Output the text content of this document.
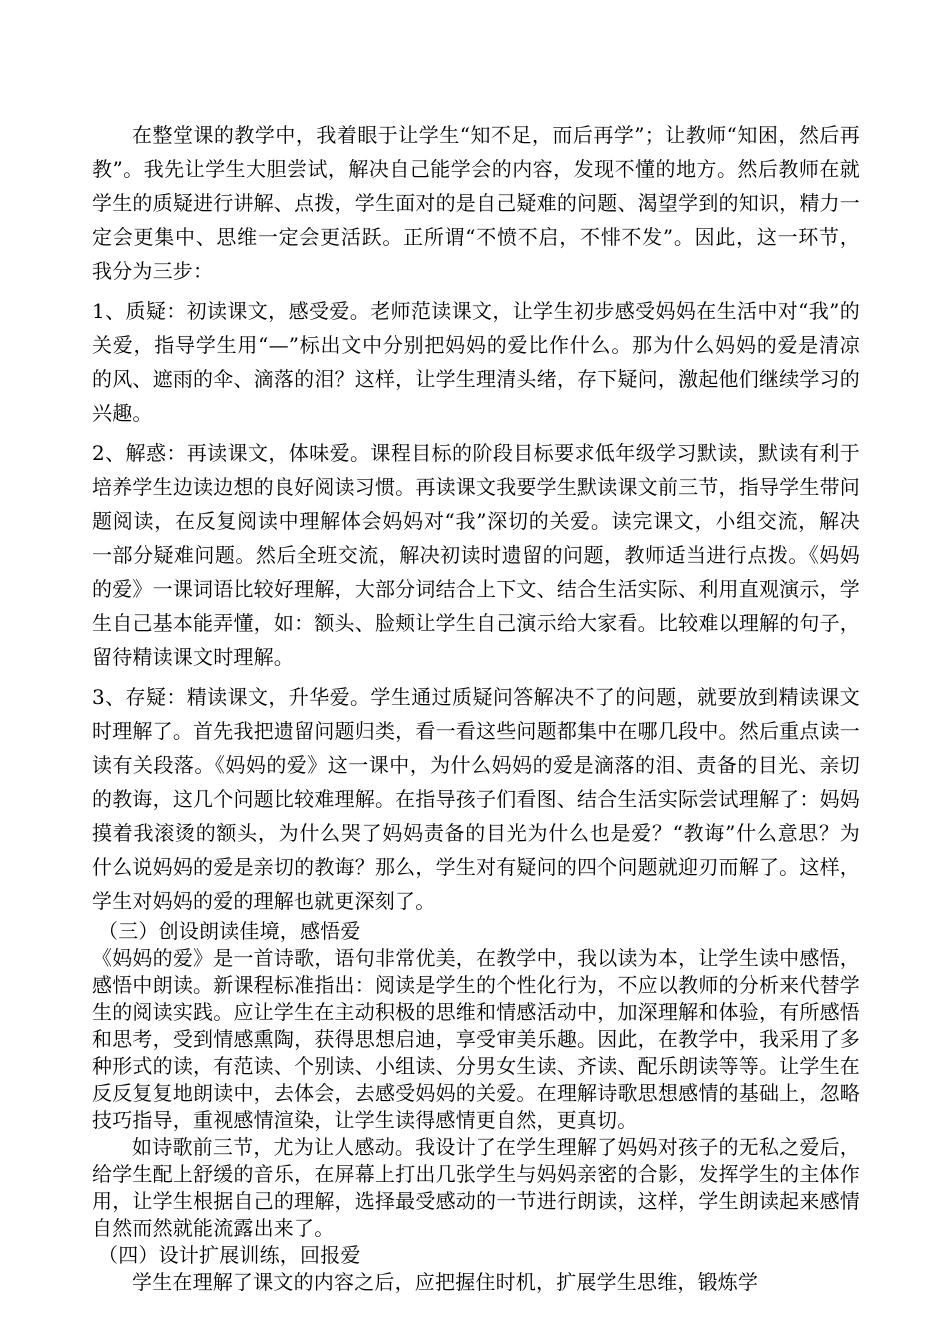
在整堂课的教学中，我着眼于让学生“知不足，而后再学”；让教师“知困，然后再教”。我先让学生大胆尝试，解决自己能学会的内容，发现不懂的地方。然后教师在就学生的质疑进行讲解、点拨，学生面对的是自己疑难的问题、渴望学到的知识，精力一定会更集中、思维一定会更活跃。正所谓“不愤不启，不悱不发”。因此，这一环节，我分为三步：

1、质疑：初读课文，感受爱。老师范读课文，让学生初步感受妈妈在生活中对“我”的关爱，指导学生用“—”标出文中分别把妈妈的爱比作什么。那为什么妈妈的爱是清凉的风、遮雨的伞、滴落的泪？这样，让学生理清头绪，存下疑问，激起他们继续学习的兴趣。

2、解惑：再读课文，体味爱。课程目标的阶段目标要求低年级学习默读，默读有利于培养学生边读边想的良好阅读习惯。再读课文我要学生默读课文前三节，指导学生带问题阅读，在反复阅读中理解体会妈妈对“我”深切的关爱。读完课文，小组交流，解决一部分疑难问题。然后全班交流，解决初读时遗留的问题，教师适当进行点拨。《妈妈的爱》一课词语比较好理解，大部分词结合上下文、结合生活实际、利用直观演示，学生自己基本能弄懂，如：额头、脸颊让学生自己演示给大家看。比较难以理解的句子，留待精读课文时理解。

3、存疑：精读课文，升华爱。学生通过质疑问答解决不了的问题，就要放到精读课文时理解了。首先我把遗留问题归类，看一看这些问题都集中在哪几段中。然后重点读一读有关段落。《妈妈的爱》这一课中，为什么妈妈的爱是滴落的泪、责备的目光、亲切的教诲，这几个问题比较难理解。在指导孩子们看图、结合生活实际尝试理解了：妈妈摸着我滚烫的额头，为什么哭了妈妈责备的目光为什么也是爱？“教诲”什么意思？为什么说妈妈的爱是亲切的教诲？那么，学生对有疑问的四个问题就迎刃而解了。这样，学生对妈妈的爱的理解也就更深刻了。

（三）创设朗读佳境，感悟爱

《妈妈的爱》是一首诗歌，语句非常优美，在教学中，我以读为本，让学生读中感悟，感悟中朗读。新课程标准指出：阅读是学生的个性化行为，不应以教师的分析来代替学生的阅读实践。应让学生在主动积极的思维和情感活动中，加深理解和体验，有所感悟和思考，受到情感熏陶，获得思想启迪，享受审美乐趣。因此，在教学中，我采用了多种形式的读，有范读、个别读、小组读、分男女生读、齐读、配乐朗读等等。让学生在反反复复地朗读中，去体会，去感受妈妈的关爱。在理解诗歌思想感情的基础上，忽略技巧指导，重视感情渲染，让学生读得感情更自然，更真切。

如诗歌前三节，尤为让人感动。我设计了在学生理解了妈妈对孩子的无私之爱后，给学生配上舒缓的音乐，在屏幕上打出几张学生与妈妈亲密的合影，发挥学生的主体作用，让学生根据自己的理解，选择最受感动的一节进行朗读，这样，学生朗读起来感情自然而然就能流露出来了。

（四）设计扩展训练，回报爱

学生在理解了课文的内容之后，应把握住时机，扩展学生思维，锻炼学
